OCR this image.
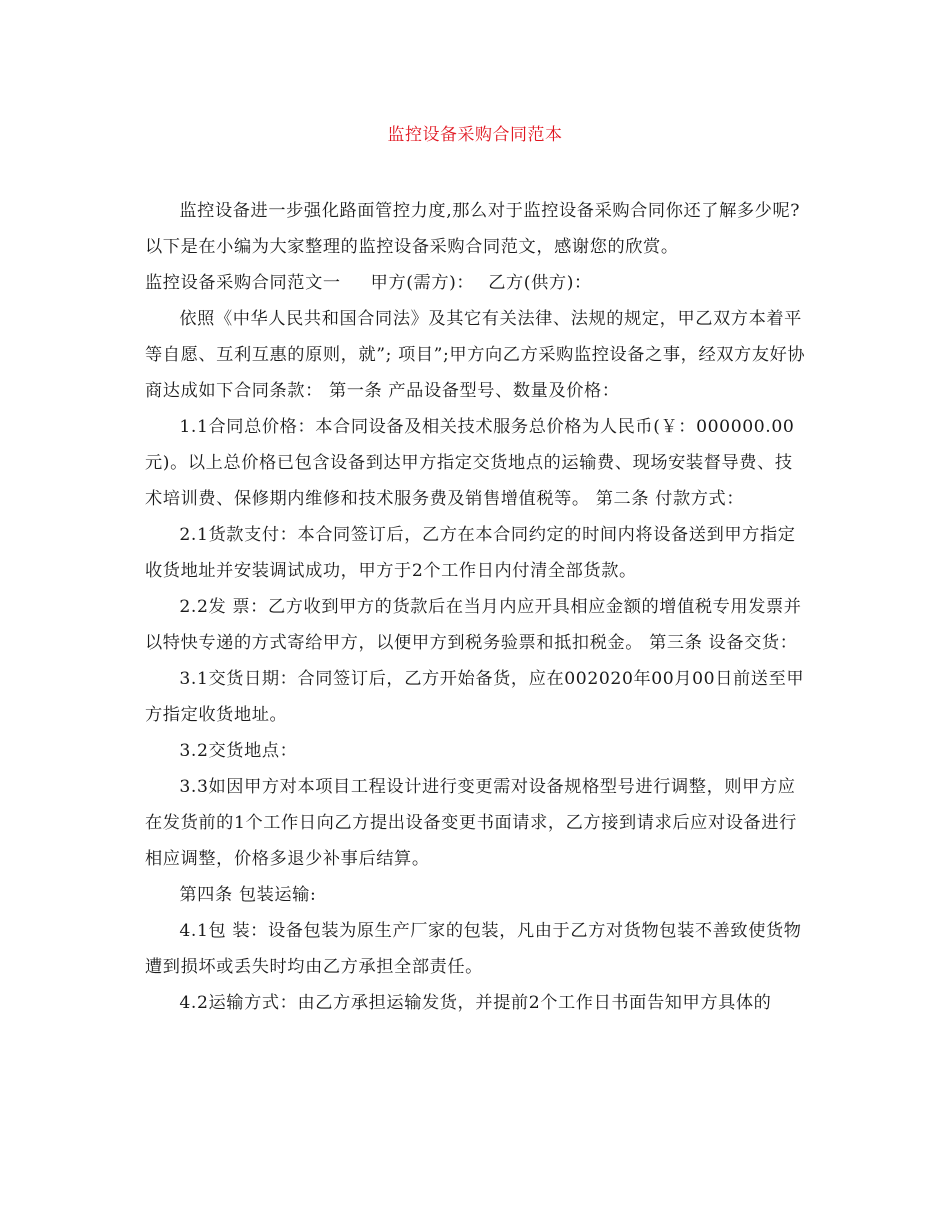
监控设备采购合同范本

监控设备进一步强化路面管控力度,那么对于监控设备采购合同你还了解多少呢?以下是在小编为大家整理的监控设备采购合同范文，感谢您的欣赏。

监控设备采购合同范文一 甲方(需方)： 乙方(供方)：

依照《中华人民共和国合同法》及其它有关法律、法规的规定，甲乙双方本着平等自愿、互利互惠的原则，就”; 项目”;甲方向乙方采购监控设备之事，经双方友好协商达成如下合同条款： 第一条 产品设备型号、数量及价格：

1.1合同总价格：本合同设备及相关技术服务总价格为人民币(￥：000000.00元)。以上总价格已包含设备到达甲方指定交货地点的运输费、现场安装督导费、技术培训费、保修期内维修和技术服务费及销售增值税等。 第二条 付款方式：

2.1货款支付：本合同签订后，乙方在本合同约定的时间内将设备送到甲方指定收货地址并安装调试成功，甲方于2个工作日内付清全部货款。

2.2发 票：乙方收到甲方的货款后在当月内应开具相应金额的增值税专用发票并以特快专递的方式寄给甲方，以便甲方到税务验票和抵扣税金。 第三条 设备交货：

3.1交货日期：合同签订后，乙方开始备货，应在002020年00月00日前送至甲方指定收货地址。

3.2交货地点：

3.3如因甲方对本项目工程设计进行变更需对设备规格型号进行调整，则甲方应在发货前的1个工作日向乙方提出设备变更书面请求，乙方接到请求后应对设备进行相应调整，价格多退少补事后结算。

第四条 包装运输:

4.1包 装：设备包装为原生产厂家的包装，凡由于乙方对货物包装不善致使货物遭到损坏或丢失时均由乙方承担全部责任。

4.2运输方式：由乙方承担运输发货，并提前2个工作日书面告知甲方具体的
